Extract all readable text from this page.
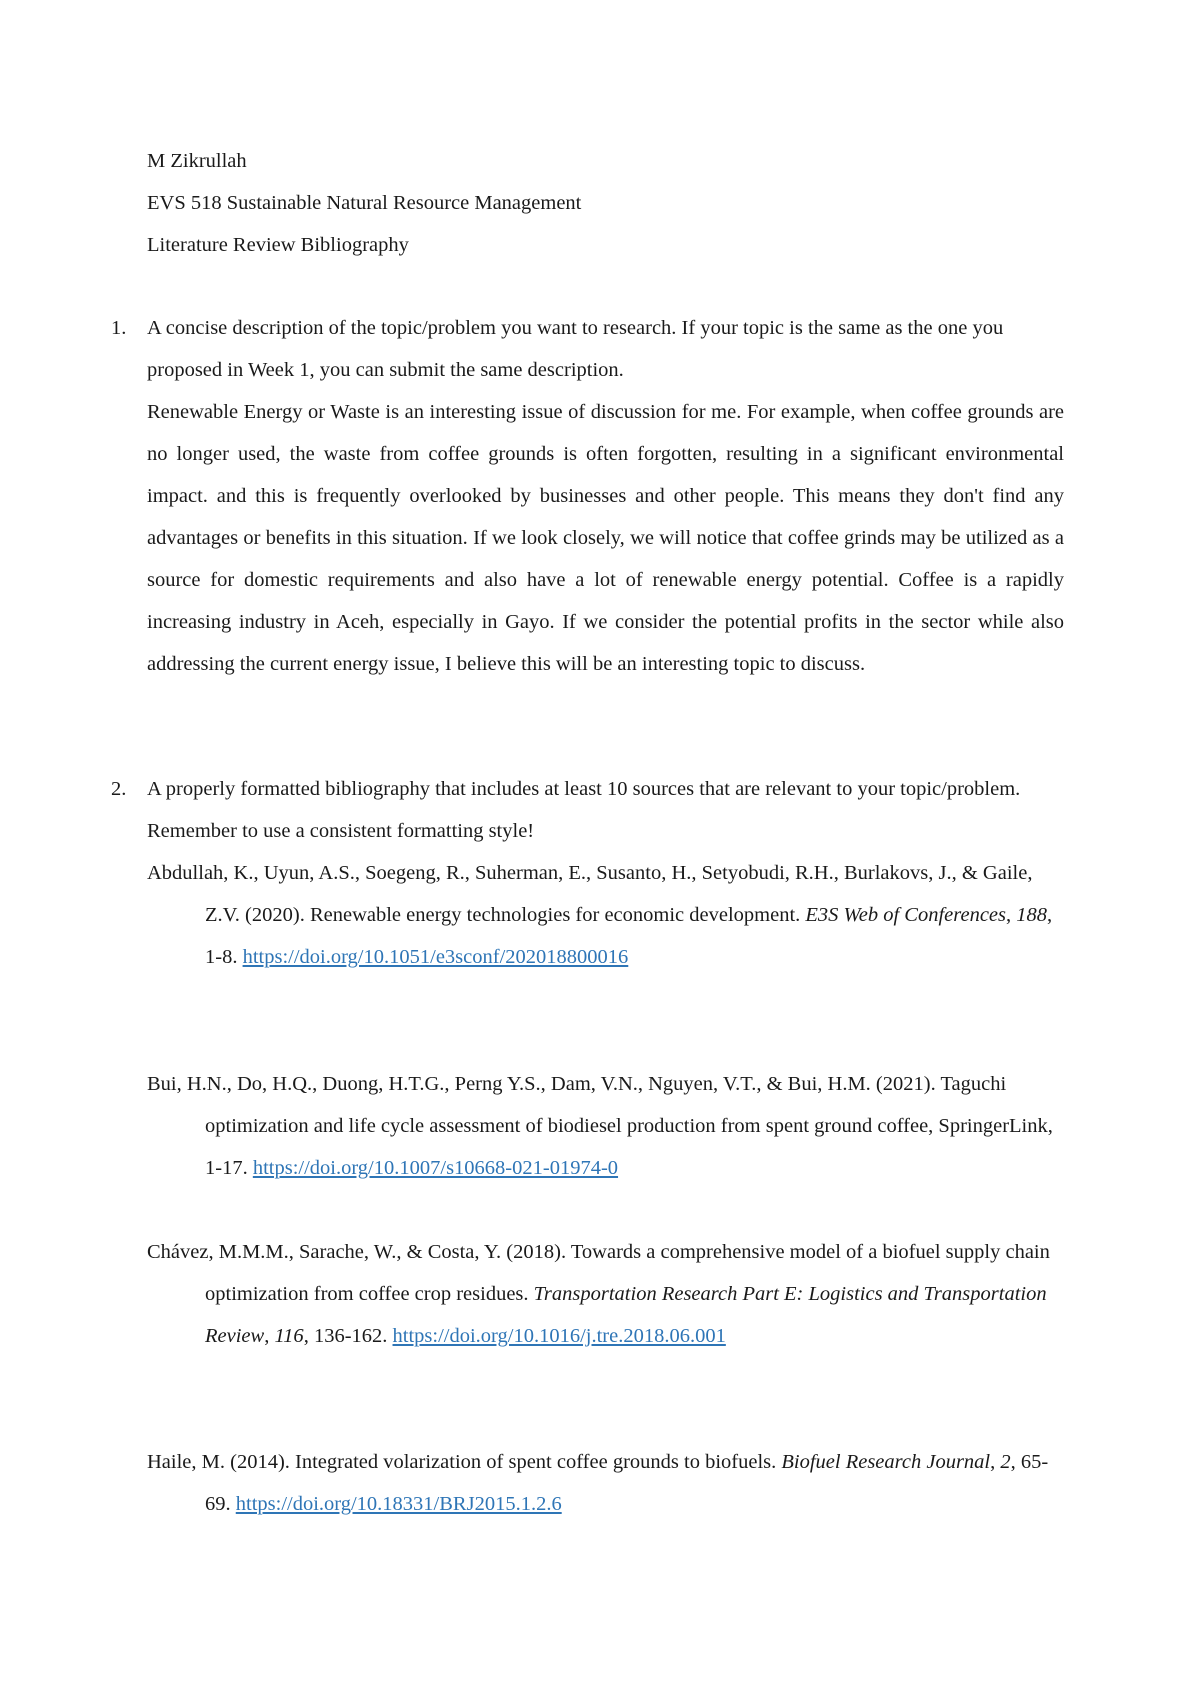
M Zikrullah
EVS 518 Sustainable Natural Resource Management
Literature Review Bibliography
1. A concise description of the topic/problem you want to research. If your topic is the same as the one you proposed in Week 1, you can submit the same description.

Renewable Energy or Waste is an interesting issue of discussion for me. For example, when coffee grounds are no longer used, the waste from coffee grounds is often forgotten, resulting in a significant environmental impact. and this is frequently overlooked by businesses and other people. This means they don't find any advantages or benefits in this situation. If we look closely, we will notice that coffee grinds may be utilized as a source for domestic requirements and also have a lot of renewable energy potential. Coffee is a rapidly increasing industry in Aceh, especially in Gayo. If we consider the potential profits in the sector while also addressing the current energy issue, I believe this will be an interesting topic to discuss.

2. A properly formatted bibliography that includes at least 10 sources that are relevant to your topic/problem. Remember to use a consistent formatting style!

Abdullah, K., Uyun, A.S., Soegeng, R., Suherman, E., Susanto, H., Setyobudi, R.H., Burlakovs, J., & Gaile, Z.V. (2020). Renewable energy technologies for economic development. E3S Web of Conferences, 188, 1-8. https://doi.org/10.1051/e3sconf/202018800016
Bui, H.N., Do, H.Q., Duong, H.T.G., Perng Y.S., Dam, V.N., Nguyen, V.T., & Bui, H.M. (2021). Taguchi optimization and life cycle assessment of biodiesel production from spent ground coffee, SpringerLink, 1-17. https://doi.org/10.1007/s10668-021-01974-0
Chávez, M.M.M., Sarache, W., & Costa, Y. (2018). Towards a comprehensive model of a biofuel supply chain optimization from coffee crop residues. Transportation Research Part E: Logistics and Transportation Review, 116, 136-162. https://doi.org/10.1016/j.tre.2018.06.001
Haile, M. (2014). Integrated volarization of spent coffee grounds to biofuels. Biofuel Research Journal, 2, 65-69. https://doi.org/10.18331/BRJ2015.1.2.6
